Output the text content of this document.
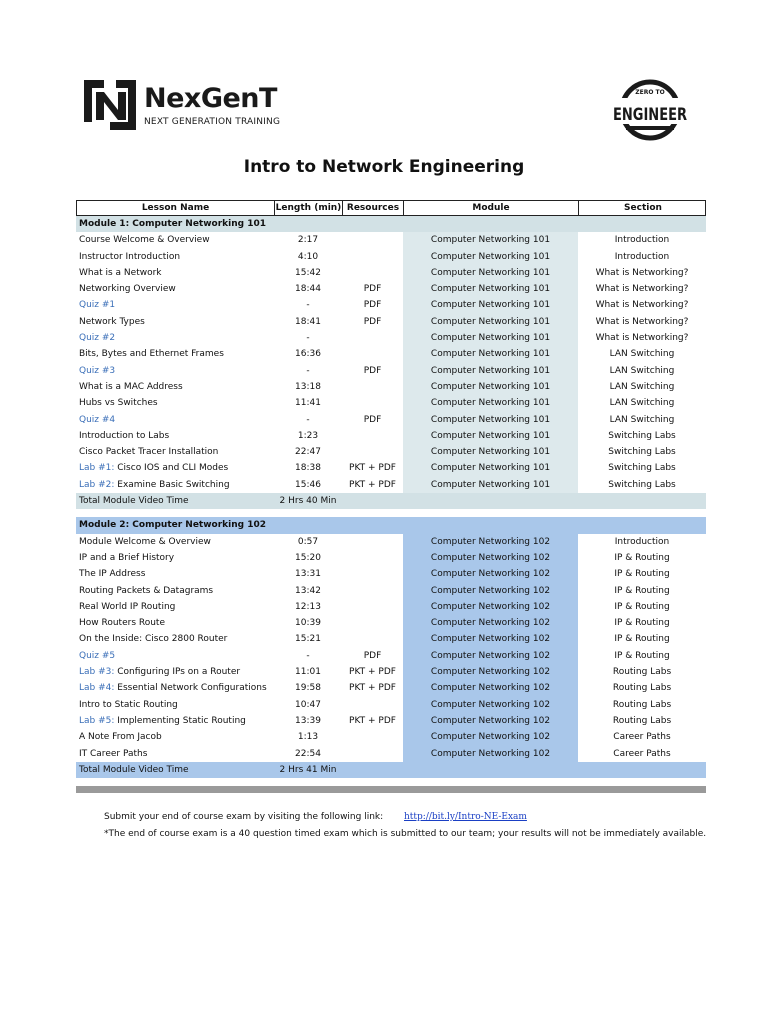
NexGenT
NEXT GENERATION TRAINING
ZERO TO
ENGINEER
Intro to Network Engineering
Lesson Name	Length (min) Resources	Module	Section
Module 1: Computer Networking 101
Course Welcome & Overview	2:17	Computer Networking 101	Introduction
Instructor Introduction	4:10	Computer Networking 101	Introduction
What is a Network	15:42	Computer Networking 101	What is Networking?
Networking Overview	18:44	PDF	Computer Networking 101	What is Networking?
Quiz #1	-	PDF	Computer Networking 101	What is Networking?
Network Types	18:41	PDF	Computer Networking 101	What is Networking?
Quiz #2	-	Computer Networking 101	What is Networking?
Bits, Bytes and Ethernet Frames	16:36	Computer Networking 101	LAN Switching
Quiz #3	-	PDF	Computer Networking 101	LAN Switching
What is a MAC Address	13:18	Computer Networking 101	LAN Switching
Hubs vs Switches	11:41	Computer Networking 101	LAN Switching
Quiz #4	-	PDF	Computer Networking 101	LAN Switching
Introduction to Labs	1:23	Computer Networking 101	Switching Labs
Cisco Packet Tracer Installation	22:47	Computer Networking 101	Switching Labs
Lab #1: Cisco IOS and CLI Modes	18:38	PKT + PDF	Computer Networking 101	Switching Labs
Lab #2: Examine Basic Switching	15:46	PKT + PDF	Computer Networking 101	Switching Labs
Total Module Video Time	2 Hrs 40 Min
Module 2: Computer Networking 102
Module Welcome & Overview	0:57	Computer Networking 102	Introduction
IP and a Brief History	15:20	Computer Networking 102	IP & Routing
The IP Address	13:31	Computer Networking 102	IP & Routing
Routing Packets & Datagrams	13:42	Computer Networking 102	IP & Routing
Real World IP Routing	12:13	Computer Networking 102	IP & Routing
How Routers Route	10:39	Computer Networking 102	IP & Routing
On the Inside: Cisco 2800 Router	15:21	Computer Networking 102	IP & Routing
Quiz #5	-	PDF	Computer Networking 102	IP & Routing
Lab #3: Configuring IPs on a Router	11:01	PKT + PDF	Computer Networking 102	Routing Labs
Lab #4: Essential Network Configurations	19:58	PKT + PDF	Computer Networking 102	Routing Labs
Intro to Static Routing	10:47	Computer Networking 102	Routing Labs
Lab #5: Implementing Static Routing	13:39	PKT + PDF	Computer Networking 102	Routing Labs
A Note From Jacob	1:13	Computer Networking 102	Career Paths
IT Career Paths	22:54	Computer Networking 102	Career Paths
Total Module Video Time	2 Hrs 41 Min
Submit your end of course exam by visiting the following link: http://bit.ly/Intro-NE-Exam
*The end of course exam is a 40 question timed exam which is submitted to our team; your results will not be immediately available.
